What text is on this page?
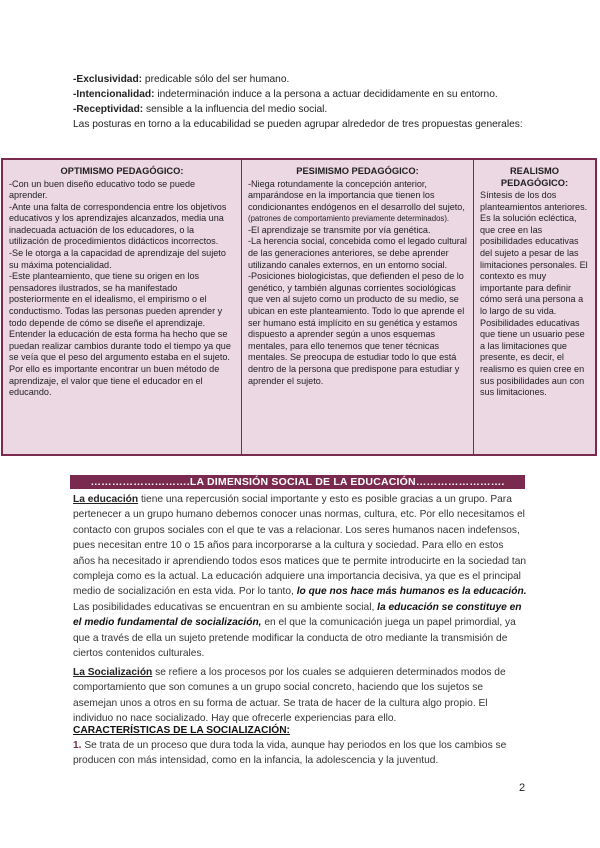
-Exclusividad: predicable sólo del ser humano.

-Intencionalidad: indeterminación induce a la persona a actuar decididamente en su entorno.

-Receptividad: sensible a la influencia del medio social.

Las posturas en torno a la educabilidad se pueden agrupar alrededor de tres propuestas generales:

OPTIMISMO PEDAGÓGICO:

-Con un buen diseño educativo todo se puede aprender.
-Ante una falta de correspondencia entre los objetivos educativos y los aprendizajes alcanzados, media una inadecuada actuación de los educadores, o la utilización de procedimientos didácticos incorrectos.
-Se le otorga a la capacidad de aprendizaje del sujeto su máxima potencialidad.
-Este planteamiento, que tiene su origen en los pensadores ilustrados, se ha manifestado posteriormente en el idealismo, el empirismo o el conductismo. Todas las personas pueden aprender y todo depende de cómo se diseñe el aprendizaje. Entender la educación de esta forma ha hecho que se puedan realizar cambios durante todo el tiempo ya que se veía que el peso del argumento estaba en el sujeto. Por ello es importante encontrar un buen método de aprendizaje, el valor que tiene el educador en el educando.

PESIMISMO PEDAGÓGICO:

-Niega rotundamente la concepción anterior, amparándose en la importancia que tienen los condicionantes endógenos en el desarrollo del sujeto, (patrones de comportamiento previamente determinados).

-El aprendizaje se transmite por vía genética.
-La herencia social, concebida como el legado cultural de las generaciones anteriores, se debe aprender utilizando canales externos, en un entorno social.
-Posiciones biologicistas, que defienden el peso de lo genético, y también algunas corrientes sociológicas que ven al sujeto como un producto de su medio, se ubican en este planteamiento. Todo lo que aprende el ser humano está implícito en su genética y estamos dispuesto a aprender según a unos esquemas mentales, para ello tenemos que tener técnicas mentales. Se preocupa de estudiar todo lo que está dentro de la persona que predispone para estudiar y aprender el sujeto.

REALISMO PEDAGÓGICO:

Síntesis de los dos planteamientos anteriores. Es la solución ecléctica, que cree en las posibilidades educativas del sujeto a pesar de las limitaciones personales. El contexto es muy importante para definir cómo será una persona a lo largo de su vida. Posibilidades educativas que tiene un usuario pese a las limitaciones que presente, es decir, el realismo es quien cree en sus posibilidades aun con sus limitaciones.

……………………….LA DIMENSIÓN SOCIAL DE LA EDUCACIÓN…………………….

La educación tiene una repercusión social importante y esto es posible gracias a un grupo. Para pertenecer a un grupo humano debemos conocer unas normas, cultura, etc. Por ello necesitamos el contacto con grupos sociales con el que te vas a relacionar. Los seres humanos nacen indefensos, pues necesitan entre 10 o 15 años para incorporarse a la cultura y sociedad. Para ello en estos años ha necesitado ir aprendiendo todos esos matices que te permite introducirte en la sociedad tan compleja como es la actual. La educación adquiere una importancia decisiva, ya que es el principal medio de socialización en esta vida. Por lo tanto, lo que nos hace más humanos es la educación. Las posibilidades educativas se encuentran en su ambiente social, la educación se constituye en el medio fundamental de socialización, en el que la comunicación juega un papel primordial, ya que a través de ella un sujeto pretende modificar la conducta de otro mediante la transmisión de ciertos contenidos culturales.

La Socialización se refiere a los procesos por los cuales se adquieren determinados modos de comportamiento que son comunes a un grupo social concreto, haciendo que los sujetos se asemejan unos a otros en su forma de actuar. Se trata de hacer de la cultura algo propio. El individuo no nace socializado. Hay que ofrecerle experiencias para ello.

CARACTERÍSTICAS DE LA SOCIALIZACIÓN:

1. Se trata de un proceso que dura toda la vida, aunque hay periodos en los que los cambios se producen con más intensidad, como en la infancia, la adolescencia y la juventud.

2
